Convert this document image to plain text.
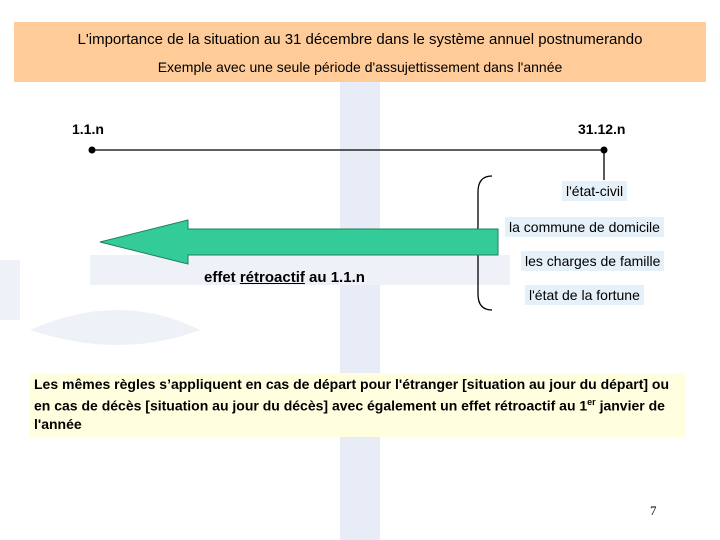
L'importance de la situation au 31 décembre dans le système annuel postnumerando
Exemple avec une seule période d'assujettissement dans l'année
1.1.n	31.12.n
l'état-civil
la commune de domicile
les charges de famille
l'état de la fortune
effet rétroactif au 1.1.n
Les mêmes règles s’appliquent en cas de départ pour l'étranger [situation au jour du départ] ou en cas de décès [situation au jour du décès] avec également un effet rétroactif au 1er janvier de l'année
7
